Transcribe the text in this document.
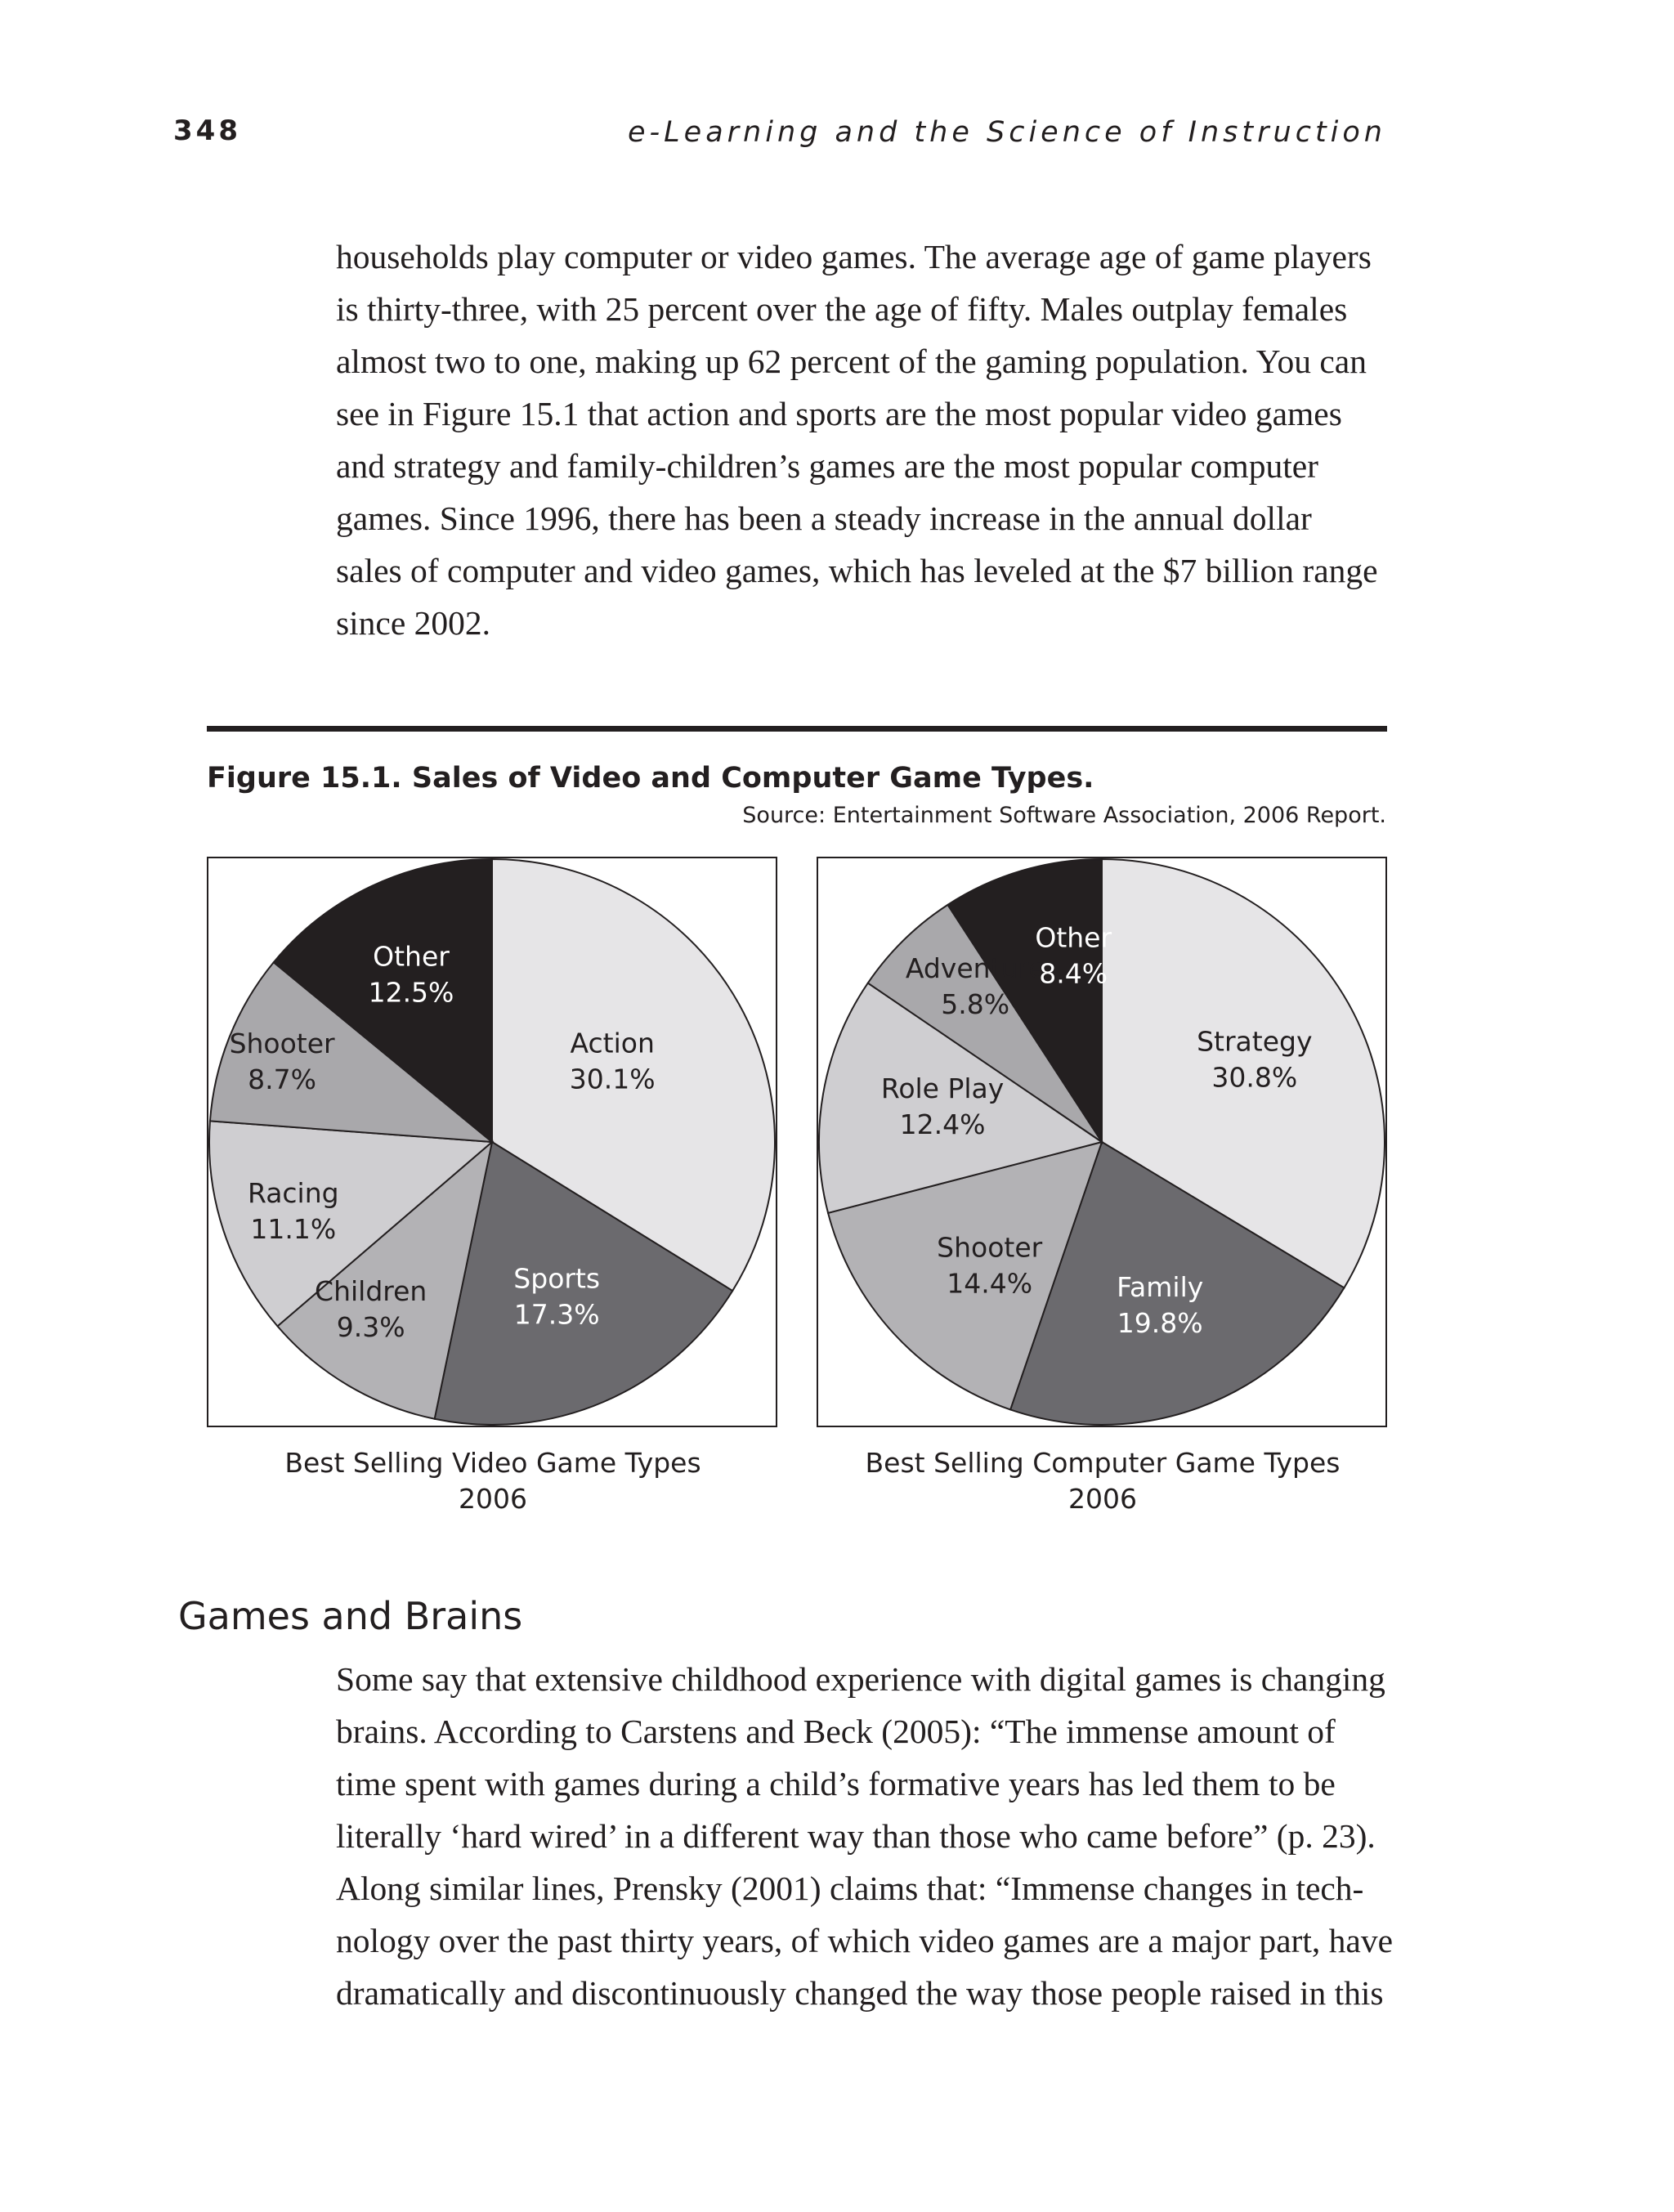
348	e-Learning and the Science of Instruction

households play computer or video games. The average age of game players
is thirty-three, with 25 percent over the age of fifty. Males outplay females
almost two to one, making up 62 percent of the gaming population. You can
see in Figure 15.1 that action and sports are the most popular video games
and strategy and family-children’s games are the most popular computer
games. Since 1996, there has been a steady increase in the annual dollar
sales of computer and video games, which has leveled at the $7 billion range
since 2002.

Figure 15.1. Sales of Video and Computer Game Types.
Source: Entertainment Software Association, 2006 Report.
Action 30.1%
Sports 17.3%
Children 9.3%
Racing 11.1%
Shooter 8.7%
Other 12.5%
Strategy 30.8%
Family 19.8%
Shooter 14.4%
Role Play 12.4%
Adventure 5.8%
Other 8.4%
Best Selling Video Game Types
2006
Best Selling Computer Game Types
2006
Games and Brains

Some say that extensive childhood experience with digital games is changing
brains. According to Carstens and Beck (2005): “The immense amount of
time spent with games during a child’s formative years has led them to be
literally ‘hard wired’ in a different way than those who came before” (p. 23).
Along similar lines, Prensky (2001) claims that: “Immense changes in tech-
nology over the past thirty years, of which video games are a major part, have
dramatically and discontinuously changed the way those people raised in this
